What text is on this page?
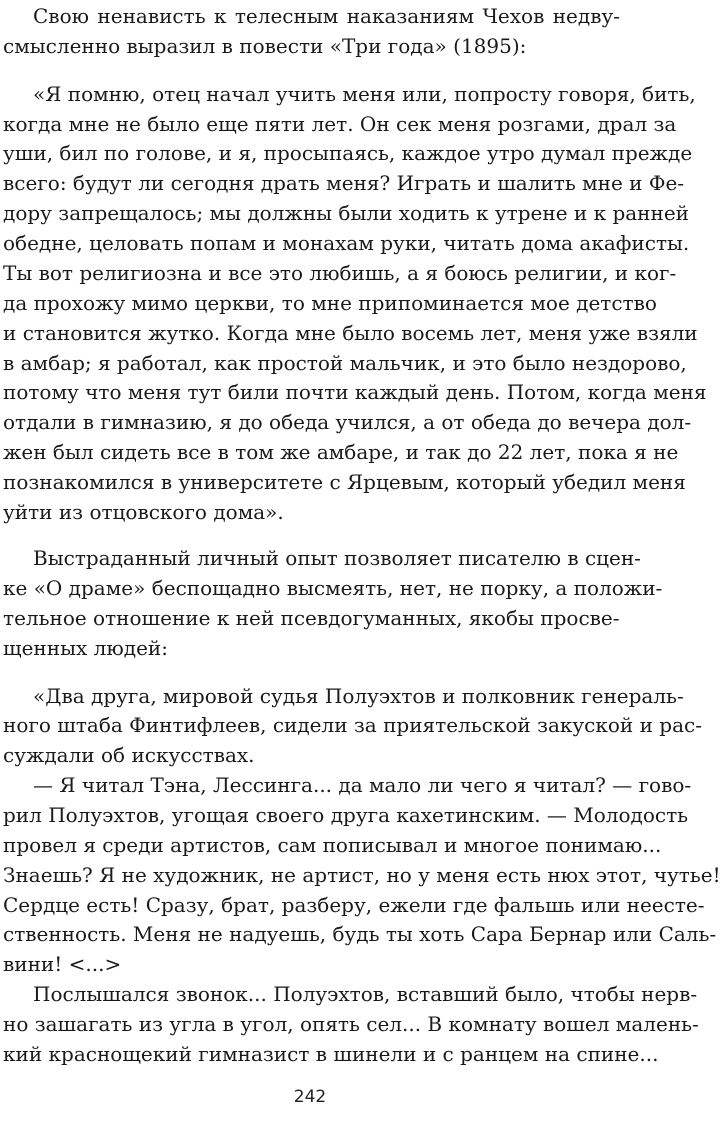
Свою ненависть к телесным наказаниям Чехов недву-
смысленно выразил в повести «Три года» (1895):
«Я помню, отец начал учить меня или, попросту говоря, бить,
когда мне не было еще пяти лет. Он сек меня розгами, драл за
уши, бил по голове, и я, просыпаясь, каждое утро думал прежде
всего: будут ли сегодня драть меня? Играть и шалить мне и Фе-
дору запрещалось; мы должны были ходить к утрене и к ранней
обедне, целовать попам и монахам руки, читать дома акафисты.
Ты вот религиозна и все это любишь, а я боюсь религии, и ког-
да прохожу мимо церкви, то мне припоминается мое детство
и становится жутко. Когда мне было восемь лет, меня уже взяли
в амбар; я работал, как простой мальчик, и это было нездорово,
потому что меня тут били почти каждый день. Потом, когда меня
отдали в гимназию, я до обеда учился, а от обеда до вечера дол-
жен был сидеть все в том же амбаре, и так до 22 лет, пока я не
познакомился в университете с Ярцевым, который убедил меня
уйти из отцовского дома».
Выстраданный личный опыт позволяет писателю в сцен-
ке «О драме» беспощадно высмеять, нет, не порку, а положи-
тельное отношение к ней псевдогуманных, якобы просве-
щенных людей:
«Два друга, мировой судья Полуэхтов и полковник генераль-
ного штаба Финтифлеев, сидели за приятельской закуской и рас-
суждали об искусствах.
— Я читал Тэна, Лессинга... да мало ли чего я читал? — гово-
рил Полуэхтов, угощая своего друга кахетинским. — Молодость
провел я среди артистов, сам пописывал и многое понимаю...
Знаешь? Я не художник, не артист, но у меня есть нюх этот, чутье!
Сердце есть! Сразу, брат, разберу, ежели где фальшь или неесте-
ственность. Меня не надуешь, будь ты хоть Сара Бернар или Саль-
вини! <...>
Послышался звонок... Полуэхтов, вставший было, чтобы нерв-
но зашагать из угла в угол, опять сел... В комнату вошел малень-
кий краснощекий гимназист в шинели и с ранцем на спине...
242
